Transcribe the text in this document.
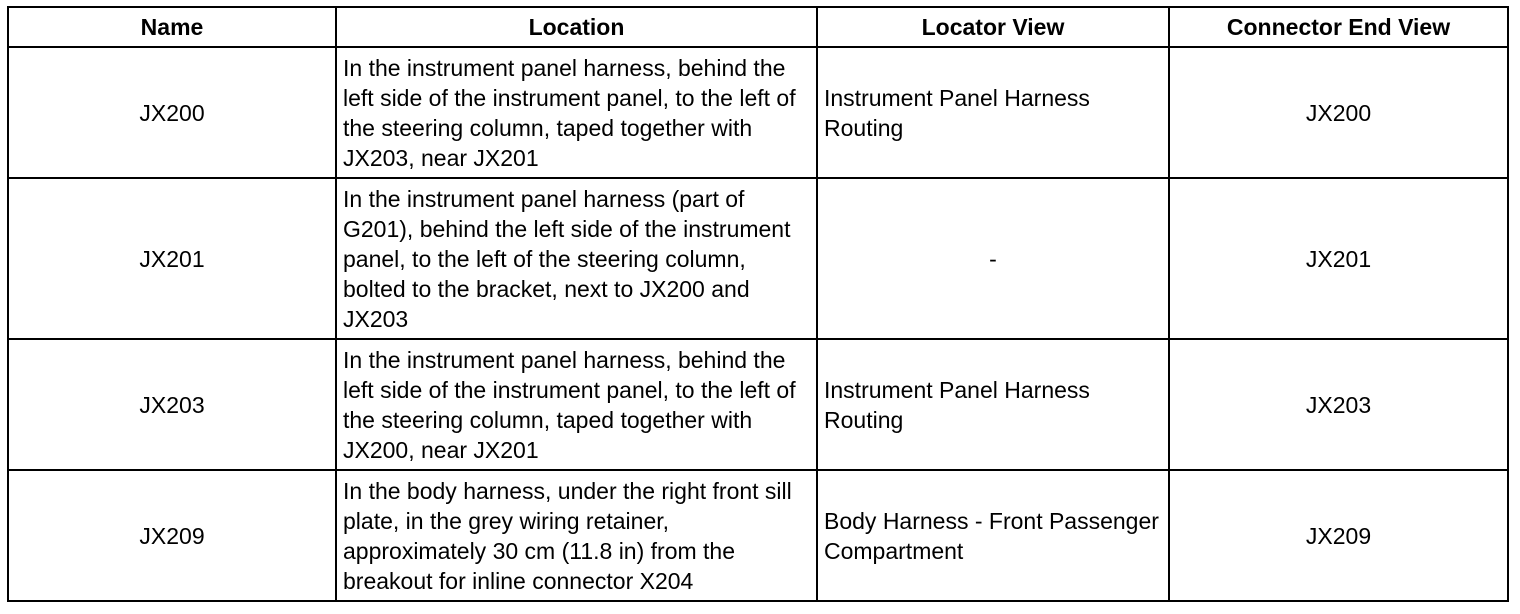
Name	Location	Locator View	Connector End View
JX200	In the instrument panel harness, behind the left side of the instrument panel, to the left of the steering column, taped together with JX203, near JX201	Instrument Panel Harness Routing	JX200
JX201	In the instrument panel harness (part of G201), behind the left side of the instrument panel, to the left of the steering column, bolted to the bracket, next to JX200 and JX203	-	JX201
JX203	In the instrument panel harness, behind the left side of the instrument panel, to the left of the steering column, taped together with JX200, near JX201	Instrument Panel Harness Routing	JX203
JX209	In the body harness, under the right front sill plate, in the grey wiring retainer, approximately 30 cm (11.8 in) from the breakout for inline connector X204	Body Harness - Front Passenger Compartment	JX209
